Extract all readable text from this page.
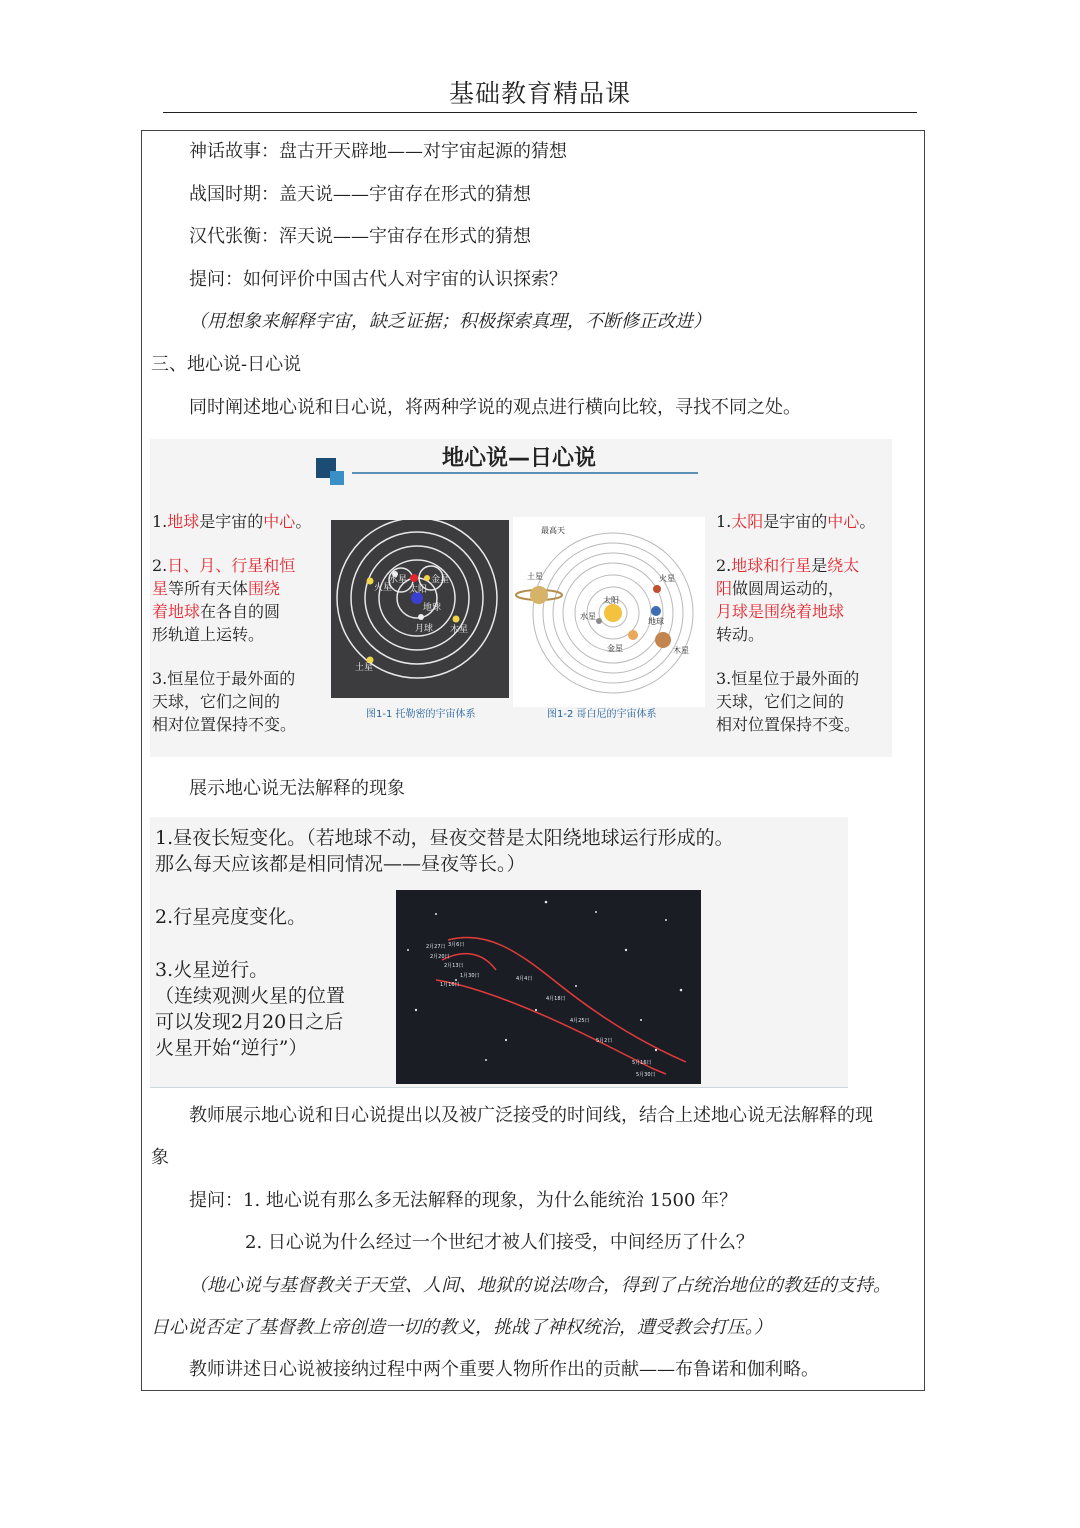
基础教育精品课
神话故事：盘古开天辟地——对宇宙起源的猜想
战国时期：盖天说——宇宙存在形式的猜想
汉代张衡：浑天说——宇宙存在形式的猜想
提问：如何评价中国古代人对宇宙的认识探索？
（用想象来解释宇宙，缺乏证据；积极探索真理，不断修正改进）
三、地心说-日心说
同时阐述地心说和日心说，将两种学说的观点进行横向比较，寻找不同之处。
地心说—日心说
1.地球是宇宙的中心。
2.日、月、行星和恒
星等所有天体围绕
着地球在各自的圆
形轨道上运转。
3.恒星位于最外面的
天球，它们之间的
相对位置保持不变。
水星	金星
太阳
火星
地球
月球 木星
土星
图1-1 托勒密的宇宙体系
最高天
土星	火星
太阳
水星
地球
金星	木星
图1-2 哥白尼的宇宙体系
1.太阳是宇宙的中心。
2.地球和行星是绕太
阳做圆周运动的，
月球是围绕着地球
转动。
3.恒星位于最外面的
天球，它们之间的
相对位置保持不变。
展示地心说无法解释的现象
1.昼夜长短变化。（若地球不动，昼夜交替是太阳绕地球运行形成的。
那么每天应该都是相同情况——昼夜等长。）
2.行星亮度变化。
3.火星逆行。
（连续观测火星的位置
可以发现2月20日之后
火星开始“逆行”）
3月6日
2月27日
2月20日
2月13日
1月30日
1月16日
4月4日
4月18日
4月25日
5月2日
5月16日
5月30日
教师展示地心说和日心说提出以及被广泛接受的时间线，结合上述地心说无法解释的现
象
提问：1. 地心说有那么多无法解释的现象，为什么能统治 1500 年？
2. 日心说为什么经过一个世纪才被人们接受，中间经历了什么？
（地心说与基督教关于天堂、人间、地狱的说法吻合，得到了占统治地位的教廷的支持。
日心说否定了基督教上帝创造一切的教义，挑战了神权统治，遭受教会打压。）
教师讲述日心说被接纳过程中两个重要人物所作出的贡献——布鲁诺和伽利略。
